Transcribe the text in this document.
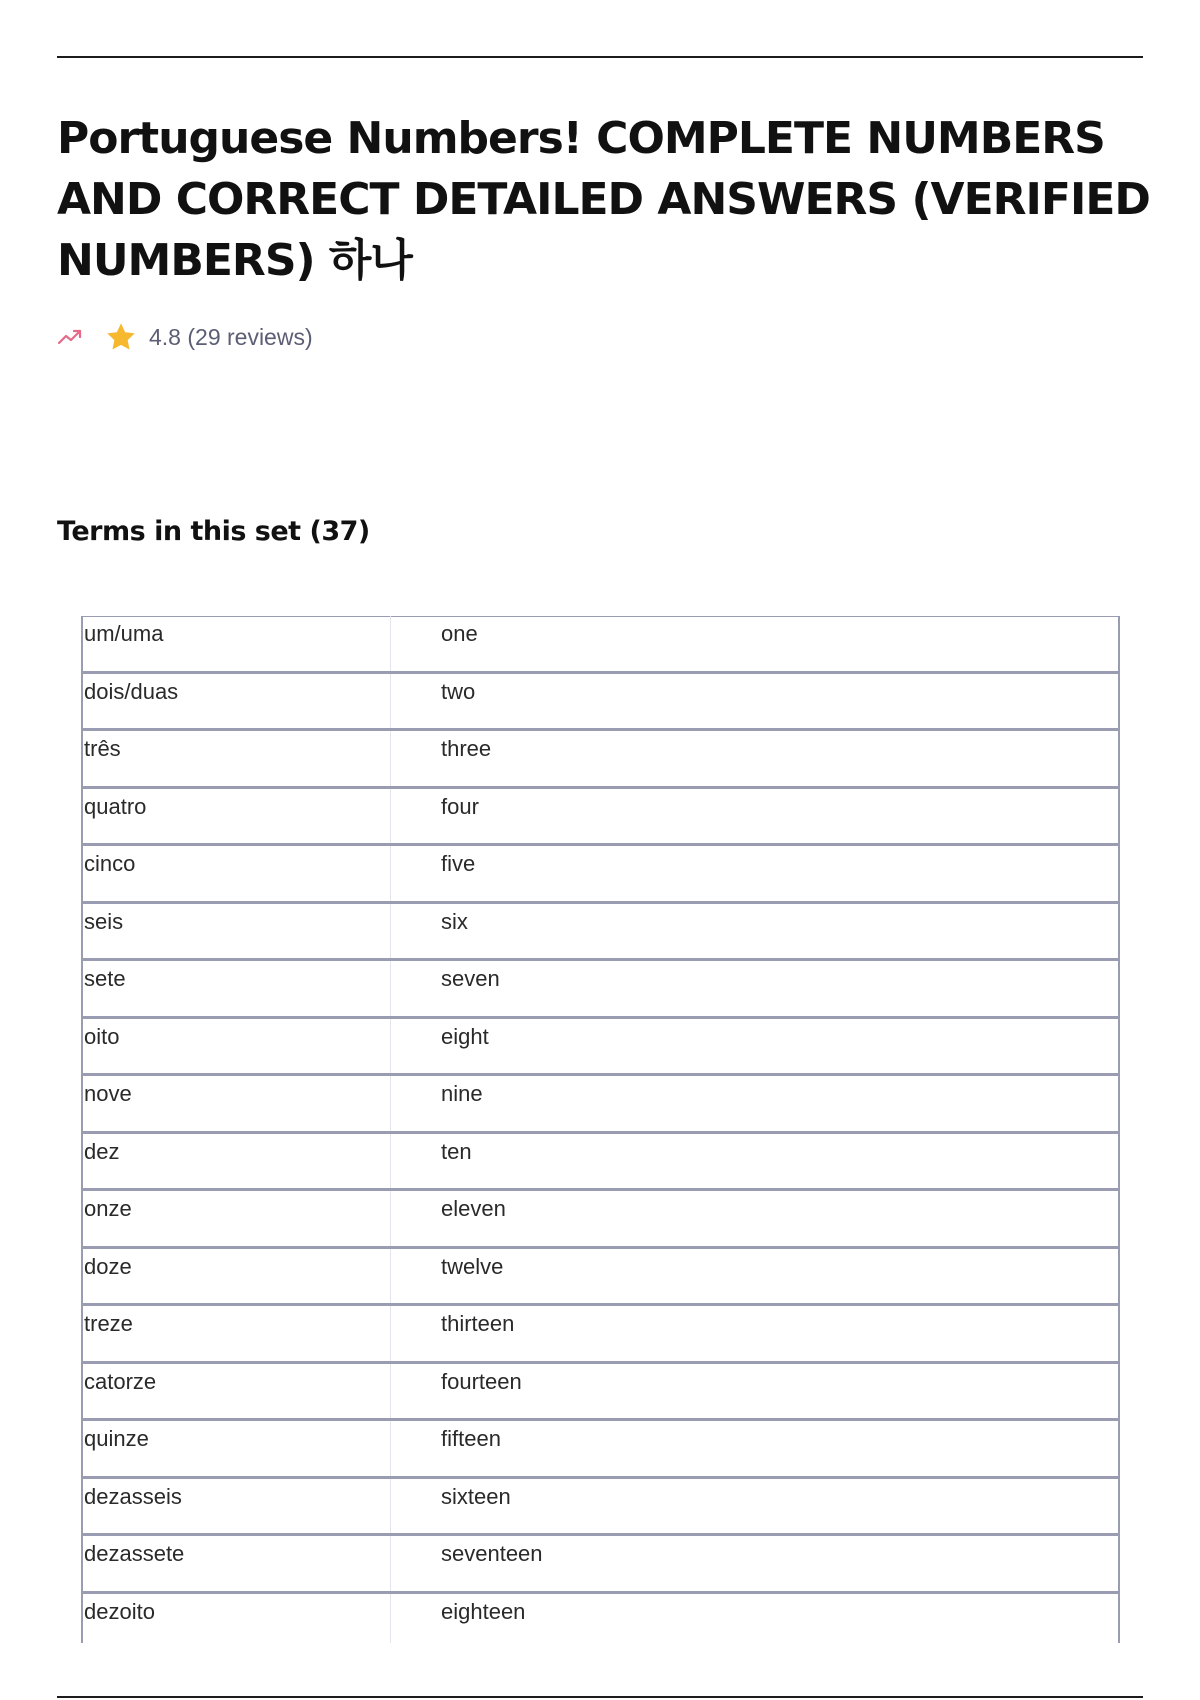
Portuguese Numbers! COMPLETE NUMBERS AND CORRECT DETAILED ANSWERS (VERIFIED NUMBERS) 하나
4.8 (29 reviews)
Terms in this set (37)
um/uma	one
dois/duas	two
três	three
quatro	four
cinco	five
seis	six
sete	seven
oito	eight
nove	nine
dez	ten
onze	eleven
doze	twelve
treze	thirteen
catorze	fourteen
quinze	fifteen
dezasseis	sixteen
dezassete	seventeen
dezoito	eighteen
